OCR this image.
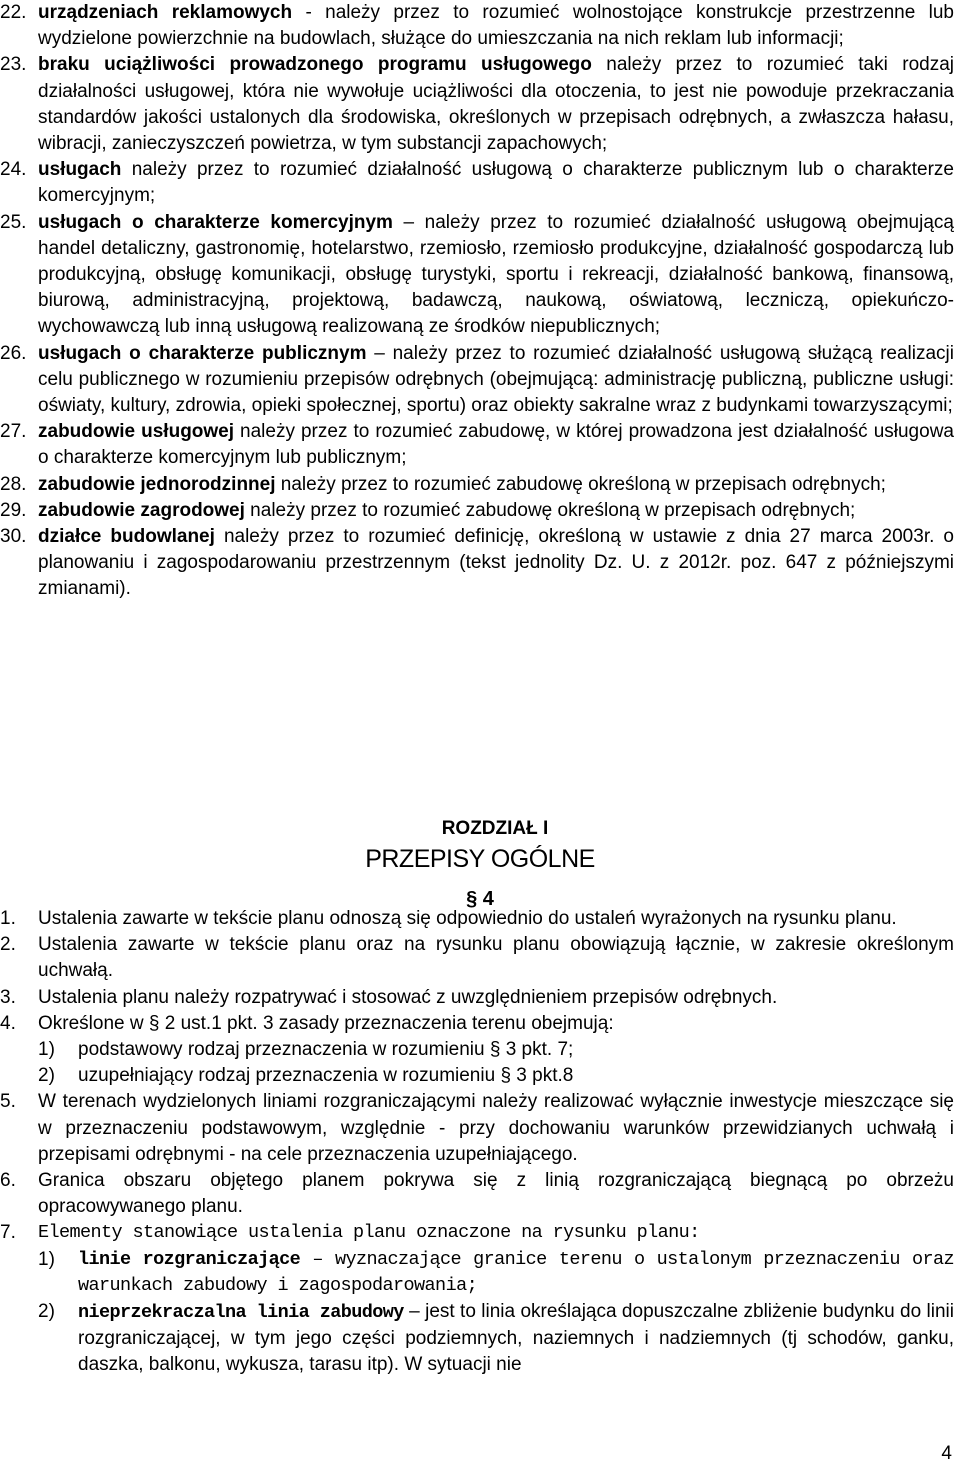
22. urządzeniach reklamowych - należy przez to rozumieć wolnostojące konstrukcje przestrzenne lub wydzielone powierzchnie na budowlach, służące do umieszczania na nich reklam lub informacji;
23. braku uciążliwości prowadzonego programu usługowego należy przez to rozumieć taki rodzaj działalności usługowej, która nie wywołuje uciążliwości dla otoczenia, to jest nie powoduje przekraczania standardów jakości ustalonych dla środowiska, określonych w przepisach odrębnych, a zwłaszcza hałasu, wibracji, zanieczyszczeń powietrza, w tym substancji zapachowych;
24. usługach należy przez to rozumieć działalność usługową o charakterze publicznym lub o charakterze komercyjnym;
25. usługach o charakterze komercyjnym – należy przez to rozumieć działalność usługową obejmującą handel detaliczny, gastronomię, hotelarstwo, rzemiosło, rzemiosło produkcyjne, działalność gospodarczą lub produkcyjną, obsługę komunikacji, obsługę turystyki, sportu i rekreacji, działalność bankową, finansową, biurową, administracyjną, projektową, badawczą, naukową, oświatową, leczniczą, opiekuńczo-wychowawczą lub inną usługową realizowaną ze środków niepublicznych;
26. usługach o charakterze publicznym – należy przez to rozumieć działalność usługową służącą realizacji celu publicznego w rozumieniu przepisów odrębnych (obejmującą: administrację publiczną, publiczne usługi: oświaty, kultury, zdrowia, opieki społecznej, sportu) oraz obiekty sakralne wraz z budynkami towarzyszącymi;
27. zabudowie usługowej należy przez to rozumieć zabudowę, w której prowadzona jest działalność usługowa o charakterze komercyjnym lub publicznym;
28. zabudowie jednorodzinnej należy przez to rozumieć zabudowę określoną w przepisach odrębnych;
29. zabudowie zagrodowej należy przez to rozumieć zabudowę określoną w przepisach odrębnych;
30. działce budowlanej należy przez to rozumieć definicję, określoną w ustawie z dnia 27 marca 2003r. o planowaniu i zagospodarowaniu przestrzennym (tekst jednolity Dz. U. z 2012r. poz. 647 z późniejszymi zmianami).
ROZDZIAŁ I
PRZEPISY OGÓLNE
§ 4
1.	Ustalenia zawarte w tekście planu odnoszą się odpowiednio do ustaleń wyrażonych na rysunku planu.
2.	Ustalenia zawarte w tekście planu oraz na rysunku planu obowiązują łącznie, w zakresie określonym uchwałą.
3.	Ustalenia planu należy rozpatrywać i stosować z uwzględnieniem przepisów odrębnych.
4.	Określone w § 2 ust.1 pkt. 3 zasady przeznaczenia terenu obejmują:
1)	podstawowy rodzaj przeznaczenia w rozumieniu § 3 pkt. 7;
2)	uzupełniający rodzaj przeznaczenia w rozumieniu § 3 pkt.8
5.	W terenach wydzielonych liniami rozgraniczającymi należy realizować wyłącznie inwestycje mieszczące się w przeznaczeniu podstawowym, względnie - przy dochowaniu warunków przewidzianych uchwałą i przepisami odrębnymi - na cele przeznaczenia uzupełniającego.
6.	Granica obszaru objętego planem pokrywa się z linią rozgraniczającą biegnącą po obrzeżu opracowywanego planu.
7.	Elementy stanowiące ustalenia planu oznaczone na rysunku planu:
1)	linie rozgraniczające – wyznaczające granice terenu o ustalonym przeznaczeniu oraz warunkach zabudowy i zagospodarowania;
2)	nieprzekraczalna linia zabudowy – jest to linia określająca dopuszczalne zbliżenie budynku do linii rozgraniczającej, w tym jego części podziemnych, naziemnych i nadziemnych (tj schodów, ganku, daszka, balkonu, wykusza, tarasu itp). W sytuacji nie
4
